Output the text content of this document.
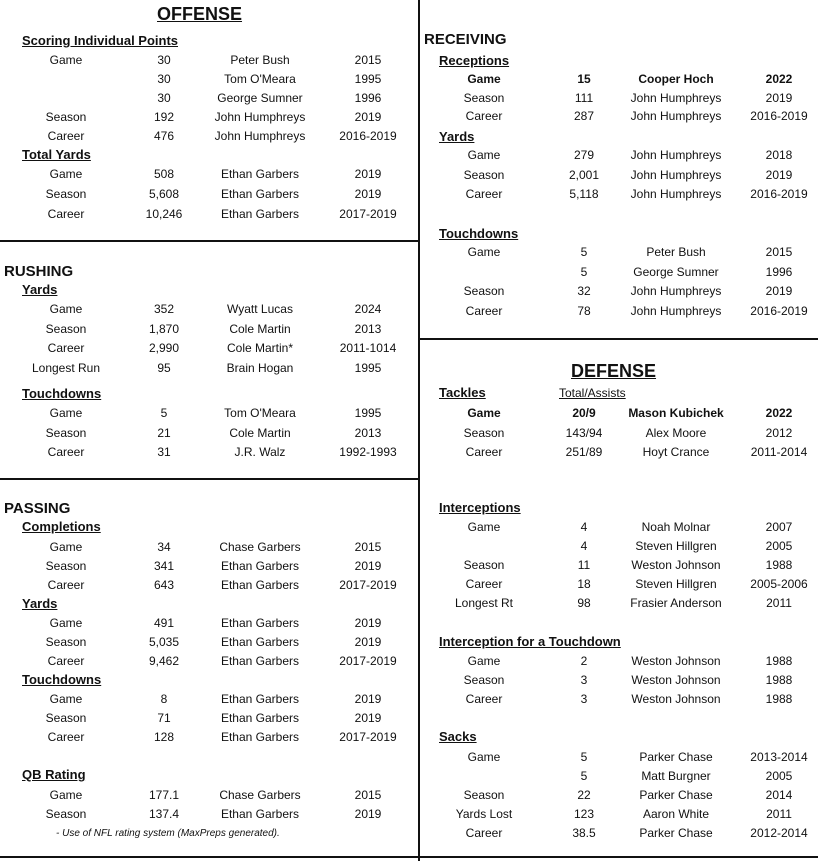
OFFENSE
Scoring Individual Points
Total Yards
RUSHING
Yards
Touchdowns
PASSING
Completions
Yards
Touchdowns
QB Rating
- Use of NFL rating system (MaxPreps generated).
RECEIVING
Receptions
Yards
Touchdowns
DEFENSE
Tackles	Total/Assists
Interceptions
Interception for a Touchdown
Sacks
Game	30	Peter Bush	2015
30	Tom O'Meara	1995
30	George Sumner	1996
Season	192	John Humphreys	2019
Career	476	John Humphreys	2016-2019
Game	508	Ethan Garbers	2019
Season	5,608	Ethan Garbers	2019
Career	10,246	Ethan Garbers	2017-2019
Game	352	Wyatt Lucas	2024
Season	1,870	Cole Martin	2013
Career	2,990	Cole Martin*	2011-1014
Longest Run	95	Brain Hogan	1995
Game	5	Tom O'Meara	1995
Season	21	Cole Martin	2013
Career	31	J.R. Walz	1992-1993
Game	34	Chase Garbers	2015
Season	341	Ethan Garbers	2019
Career	643	Ethan Garbers	2017-2019
Game	491	Ethan Garbers	2019
Season	5,035	Ethan Garbers	2019
Career	9,462	Ethan Garbers	2017-2019
Game	8	Ethan Garbers	2019
Season	71	Ethan Garbers	2019
Career	128	Ethan Garbers	2017-2019
Game	177.1	Chase Garbers	2015
Season	137.4	Ethan Garbers	2019
Game	15	Cooper Hoch	2022
Season	111	John Humphreys	2019
Career	287	John Humphreys	2016-2019
Game	279	John Humphreys	2018
Season	2,001	John Humphreys	2019
Career	5,118	John Humphreys	2016-2019
Game	5	Peter Bush	2015
5	George Sumner	1996
Season	32	John Humphreys	2019
Career	78	John Humphreys	2016-2019
Game	20/9	Mason Kubichek	2022
Season	143/94	Alex Moore	2012
Career	251/89	Hoyt Crance	2011-2014
Game	4	Noah Molnar	2007
4	Steven Hillgren	2005
Season	11	Weston Johnson	1988
Career	18	Steven Hillgren	2005-2006
Longest Rt	98	Frasier Anderson	2011
Game	2	Weston Johnson	1988
Season	3	Weston Johnson	1988
Career	3	Weston Johnson	1988
Game	5	Parker Chase	2013-2014
5	Matt Burgner	2005
Season	22	Parker Chase	2014
Yards Lost	123	Aaron White	2011
Career	38.5	Parker Chase	2012-2014
